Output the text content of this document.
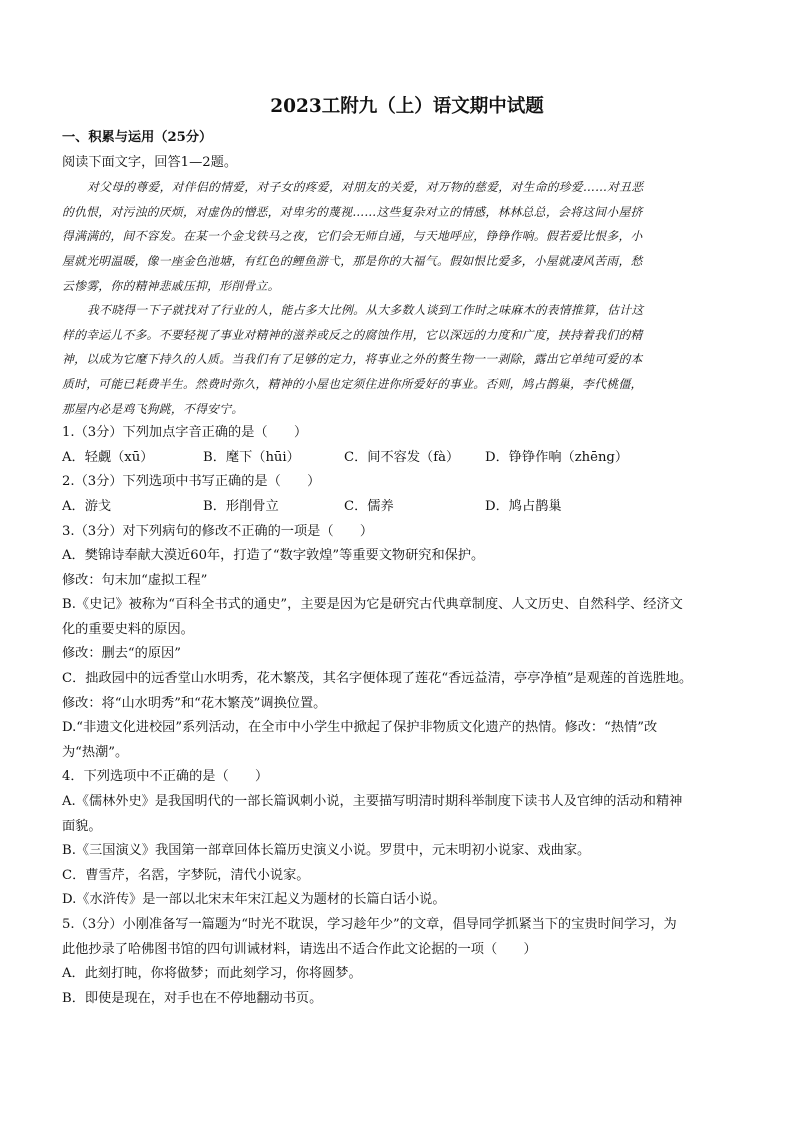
2023工附九（上）语文期中试题
一、积累与运用（25分）
阅读下面文字，回答1—2题。
对父母的尊爱，对伴侣的情爱，对子女的疼爱，对朋友的关爱，对万物的慈爱，对生命的珍爱……对丑恶
的仇恨，对污浊的厌烦，对虚伪的憎恶，对卑劣的蔑视……这些复杂对立的情感，林林总总，会将这间小屋挤
得满满的，间不容发。在某一个金戈铁马之夜，它们会无师自通，与天地呼应，铮铮作响。假若爱比恨多，小
屋就光明温暖，像一座金色池塘，有红色的鲤鱼游弋，那是你的大福气。假如恨比爱多，小屋就凄风苦雨，愁
云惨雾，你的精神悲戚压抑，形削骨立。
我不晓得一下子就找对了行业的人，能占多大比例。从大多数人谈到工作时之味麻木的表情推算，估计这
样的幸运儿不多。不要轻视了事业对精神的滋养或反之的腐蚀作用，它以深远的力度和广度，挟持着我们的精
神，以成为它麾下持久的人质。当我们有了足够的定力，将事业之外的赘生物一一剥除，露出它单纯可爱的本
质时，可能已耗费半生。然费时弥久，精神的小屋也定须住进你所爱好的事业。否则，鸠占鹊巢，李代桃僵，
那屋内必是鸡飞狗跳，不得安宁。
1.（3分）下列加点字音正确的是（　　）
A．轻觑（xū）	B．麾下（hūi）	C．间不容发（fà）	D．铮铮作响（zhēng）
2.（3分）下列选项中书写正确的是（　　）
A．游戈	B．形削骨立	C．儒养	D．鸠占鹊巢
3.（3分）对下列病句的修改不正确的一项是（　　）
A．樊锦诗奉献大漠近60年，打造了“数字敦煌”等重要文物研究和保护。
修改：句末加“虚拟工程”
B.《史记》被称为“百科全书式的通史”，主要是因为它是研究古代典章制度、人文历史、自然科学、经济文
化的重要史料的原因。
修改：删去“的原因”
C．拙政园中的远香堂山水明秀，花木繁茂，其名字便体现了莲花“香远益清，亭亭净植”是观莲的首选胜地。
修改：将“山水明秀”和“花木繁茂”调换位置。
D.“非遗文化进校园”系列活动，在全市中小学生中掀起了保护非物质文化遗产的热情。修改：“热情”改
为“热潮”。
4．下列选项中不正确的是（　　）
A.《儒林外史》是我国明代的一部长篇讽刺小说，主要描写明清时期科举制度下读书人及官绅的活动和精神
面貌。
B.《三国演义》我国第一部章回体长篇历史演义小说。罗贯中，元末明初小说家、戏曲家。
C．曹雪芹，名霑，字梦阮，清代小说家。
D.《水浒传》是一部以北宋末年宋江起义为题材的长篇白话小说。
5.（3分）小刚准备写一篇题为“时光不耽误，学习趁年少”的文章，倡导同学抓紧当下的宝贵时间学习，为
此他抄录了哈佛图书馆的四句训诫材料，请选出不适合作此文论据的一项（　　）
A．此刻打盹，你将做梦；而此刻学习，你将圆梦。
B．即使是现在，对手也在不停地翻动书页。
